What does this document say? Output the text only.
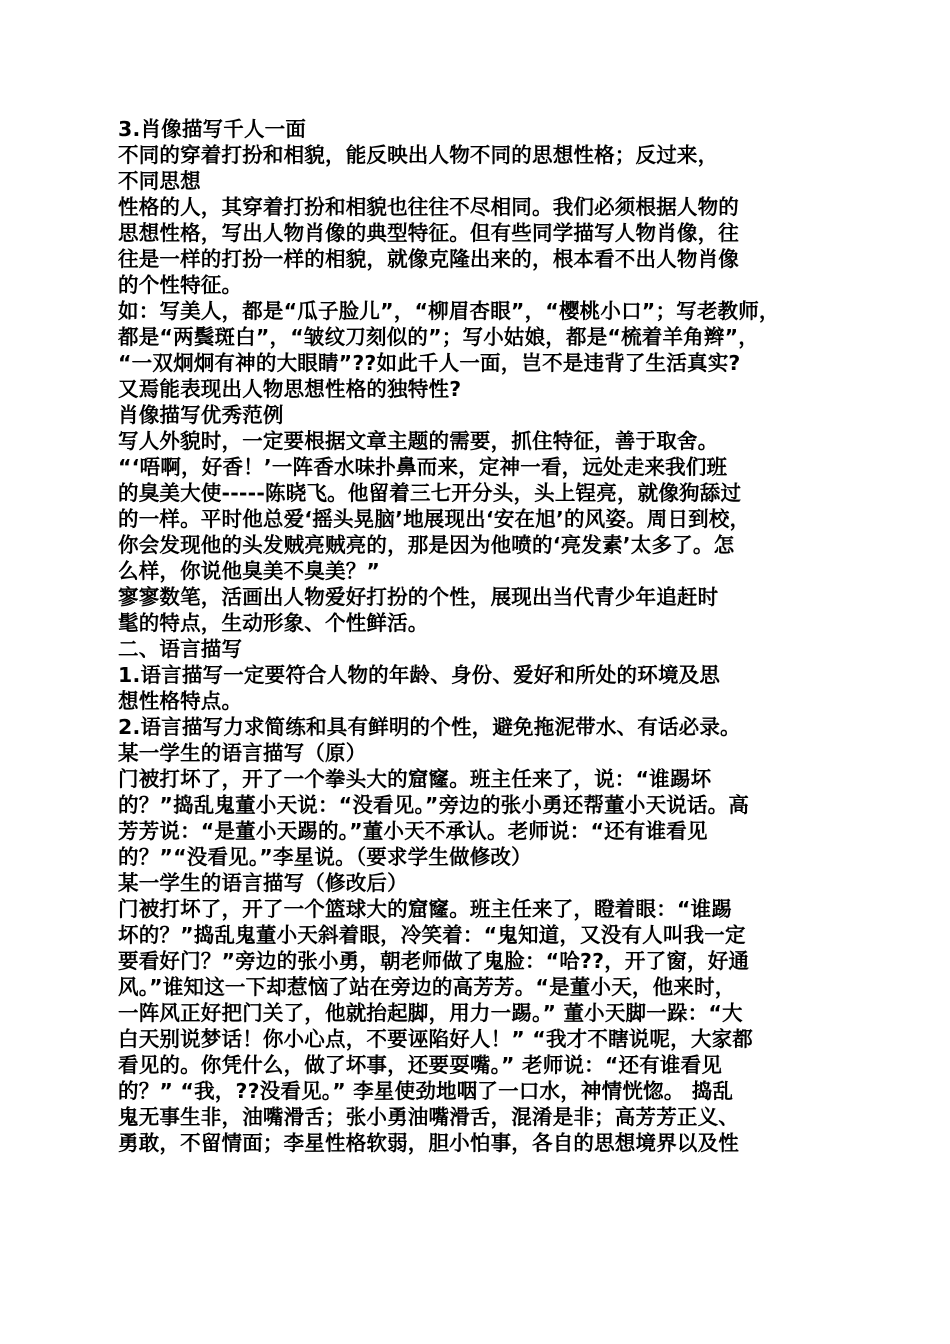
3.肖像描写千人一面
不同的穿着打扮和相貌，能反映出人物不同的思想性格；反过来，
不同思想
性格的人，其穿着打扮和相貌也往往不尽相同。我们必须根据人物的
思想性格，写出人物肖像的典型特征。但有些同学描写人物肖像，往
往是一样的打扮一样的相貌，就像克隆出来的，根本看不出人物肖像
的个性特征。
如：写美人，都是“瓜子脸儿”，“柳眉杏眼”，“樱桃小口”；写老教师，
都是“两鬓斑白”，“皱纹刀刻似的”；写小姑娘，都是“梳着羊角辫”，
“一双炯炯有神的大眼睛”??如此千人一面，岂不是违背了生活真实?
又焉能表现出人物思想性格的独特性?
肖像描写优秀范例
写人外貌时，一定要根据文章主题的需要，抓住特征，善于取舍。
“‘唔啊，好香！’一阵香水味扑鼻而来，定神一看，远处走来我们班
的臭美大使-----陈晓飞。他留着三七开分头，头上锃亮，就像狗舔过
的一样。平时他总爱‘摇头晃脑’地展现出‘安在旭’的风姿。周日到校，
你会发现他的头发贼亮贼亮的，那是因为他喷的‘亮发素’太多了。怎
么样，你说他臭美不臭美？”
寥寥数笔，活画出人物爱好打扮的个性，展现出当代青少年追赶时
髦的特点，生动形象、个性鲜活。
二、语言描写
1.语言描写一定要符合人物的年龄、身份、爱好和所处的环境及思
想性格特点。
2.语言描写力求简练和具有鲜明的个性，避免拖泥带水、有话必录。
某一学生的语言描写（原）
门被打坏了，开了一个拳头大的窟窿。班主任来了，说：“谁踢坏
的？”捣乱鬼董小天说：“没看见。”旁边的张小勇还帮董小天说话。高
芳芳说：“是董小天踢的。”董小天不承认。老师说：“还有谁看见
的？”“没看见。”李星说。（要求学生做修改）
某一学生的语言描写（修改后）
门被打坏了，开了一个篮球大的窟窿。班主任来了，瞪着眼：“谁踢
坏的？”捣乱鬼董小天斜着眼，冷笑着：“鬼知道，又没有人叫我一定
要看好门？”旁边的张小勇，朝老师做了鬼脸：“哈??，开了窗，好通
风。”谁知这一下却惹恼了站在旁边的高芳芳。“是董小天，他来时，
一阵风正好把门关了，他就抬起脚，用力一踢。” 董小天脚一跺：“大
白天别说梦话！你小心点，不要诬陷好人！” “我才不瞎说呢，大家都
看见的。你凭什么，做了坏事，还要耍嘴。” 老师说：“还有谁看见
的？” “我，??没看见。” 李星使劲地咽了一口水，神情恍惚。 捣乱
鬼无事生非，油嘴滑舌；张小勇油嘴滑舌，混淆是非；高芳芳正义、
勇敢，不留情面；李星性格软弱，胆小怕事，各自的思想境界以及性
